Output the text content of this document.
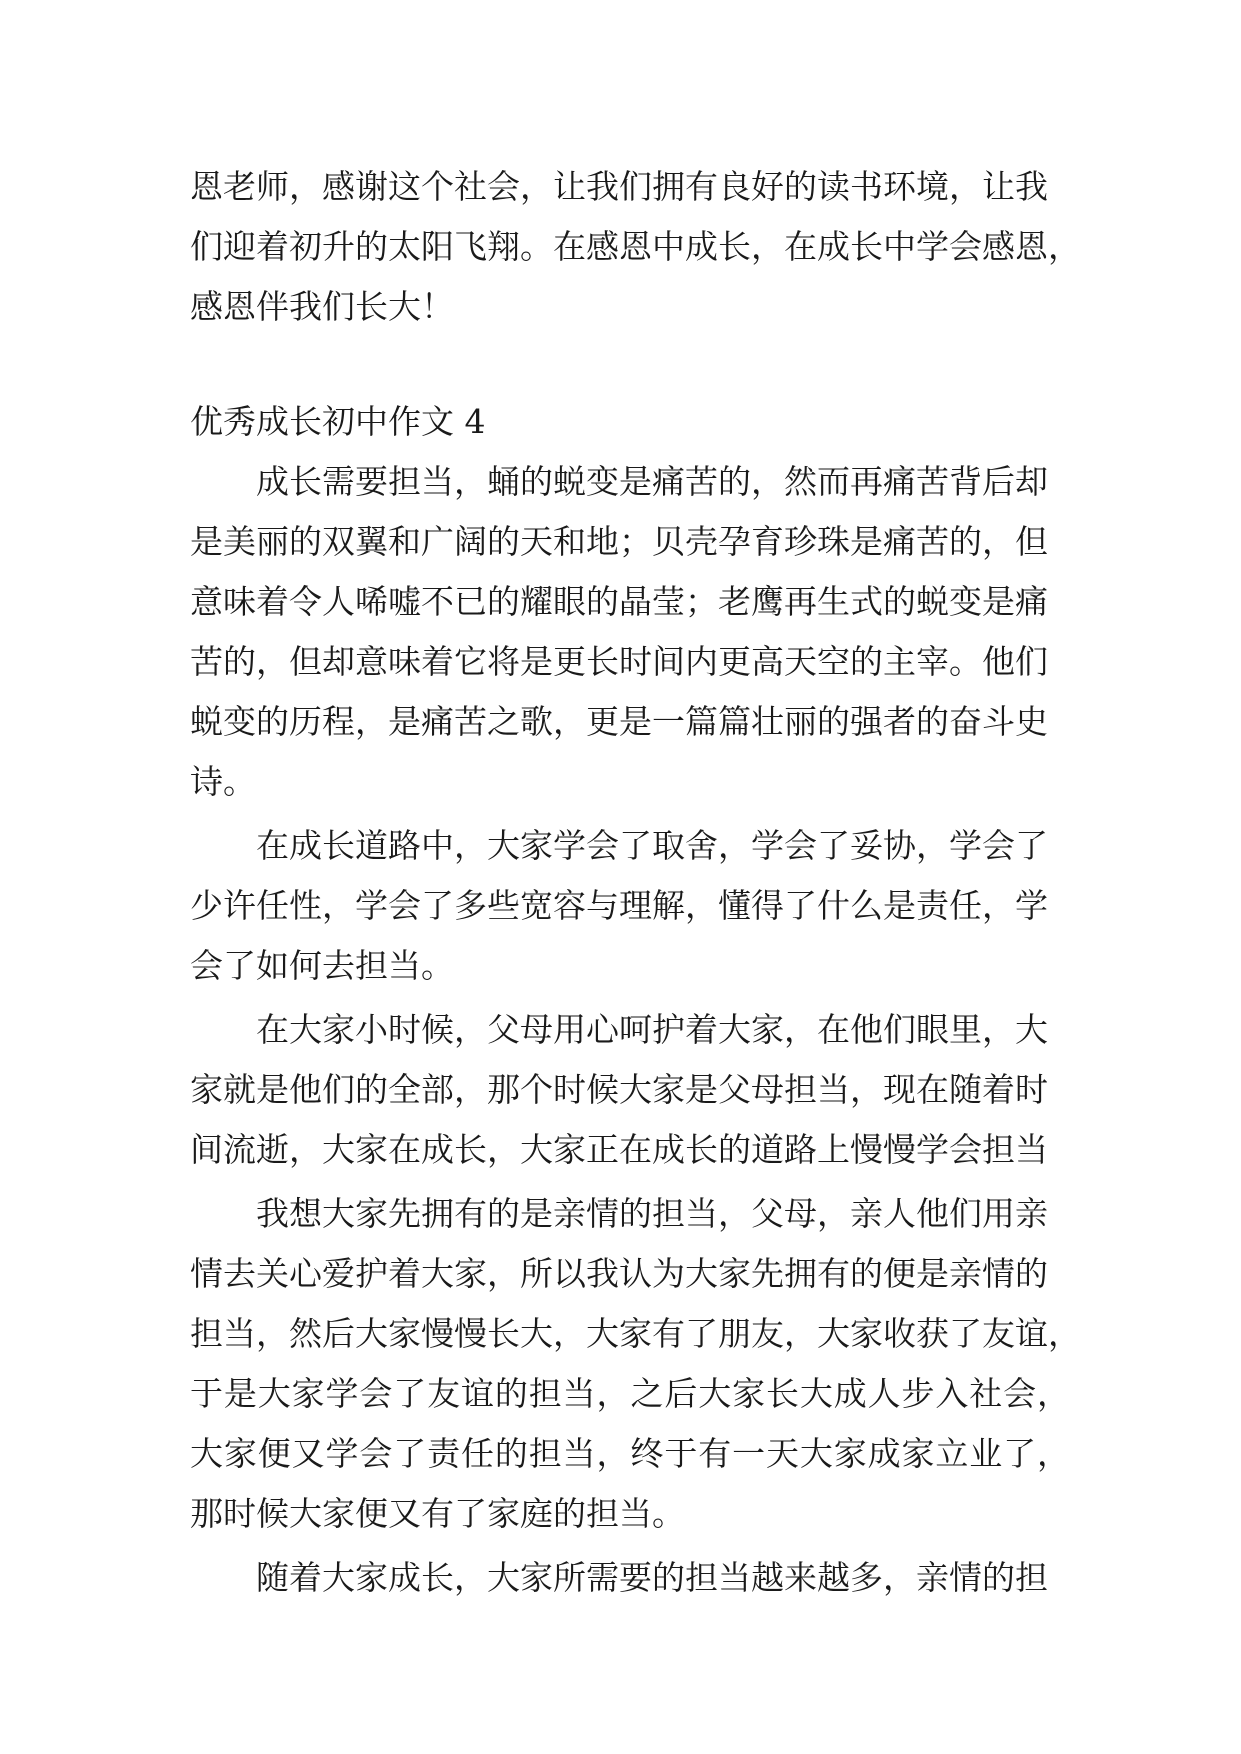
恩老师，感谢这个社会，让我们拥有良好的读书环境，让我
们迎着初升的太阳飞翔。在感恩中成长，在成长中学会感恩，
感恩伴我们长大！
优秀成长初中作文 4
成长需要担当，蛹的蜕变是痛苦的，然而再痛苦背后却
是美丽的双翼和广阔的天和地；贝壳孕育珍珠是痛苦的，但
意味着令人唏嘘不已的耀眼的晶莹；老鹰再生式的蜕变是痛
苦的，但却意味着它将是更长时间内更高天空的主宰。他们
蜕变的历程，是痛苦之歌，更是一篇篇壮丽的强者的奋斗史
诗。
在成长道路中，大家学会了取舍，学会了妥协，学会了
少许任性，学会了多些宽容与理解，懂得了什么是责任，学
会了如何去担当。
在大家小时候，父母用心呵护着大家，在他们眼里，大
家就是他们的全部，那个时候大家是父母担当，现在随着时
间流逝，大家在成长，大家正在成长的道路上慢慢学会担当
我想大家先拥有的是亲情的担当，父母，亲人他们用亲
情去关心爱护着大家，所以我认为大家先拥有的便是亲情的
担当，然后大家慢慢长大，大家有了朋友，大家收获了友谊，
于是大家学会了友谊的担当，之后大家长大成人步入社会，
大家便又学会了责任的担当，终于有一天大家成家立业了，
那时候大家便又有了家庭的担当。
随着大家成长，大家所需要的担当越来越多，亲情的担
